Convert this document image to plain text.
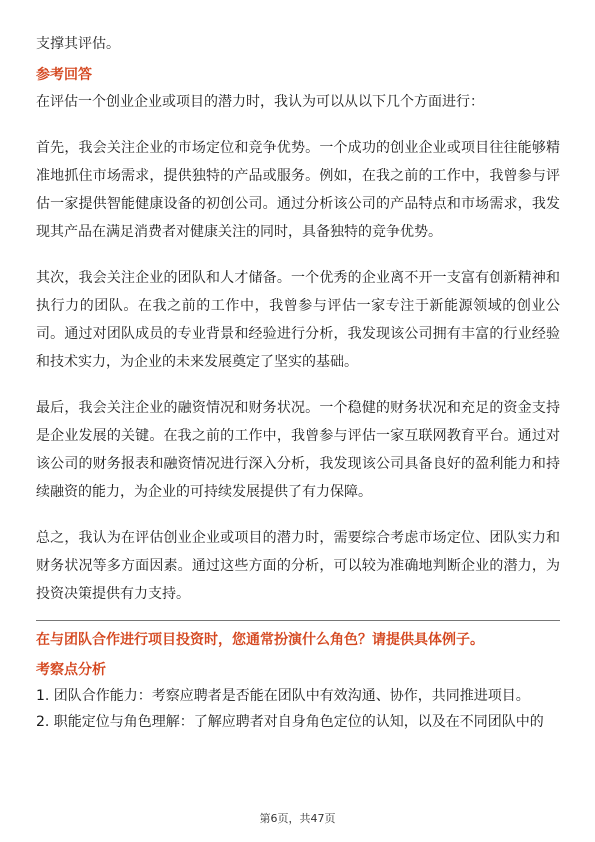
支撑其评估。

参考回答

在评估一个创业企业或项目的潜力时，我认为可以从以下几个方面进行：

首先，我会关注企业的市场定位和竞争优势。一个成功的创业企业或项目往往能够精准地抓住市场需求，提供独特的产品或服务。例如，在我之前的工作中，我曾参与评估一家提供智能健康设备的初创公司。通过分析该公司的产品特点和市场需求，我发现其产品在满足消费者对健康关注的同时，具备独特的竞争优势。

其次，我会关注企业的团队和人才储备。一个优秀的企业离不开一支富有创新精神和执行力的团队。在我之前的工作中，我曾参与评估一家专注于新能源领域的创业公司。通过对团队成员的专业背景和经验进行分析，我发现该公司拥有丰富的行业经验和技术实力，为企业的未来发展奠定了坚实的基础。

最后，我会关注企业的融资情况和财务状况。一个稳健的财务状况和充足的资金支持是企业发展的关键。在我之前的工作中，我曾参与评估一家互联网教育平台。通过对该公司的财务报表和融资情况进行深入分析，我发现该公司具备良好的盈利能力和持续融资的能力，为企业的可持续发展提供了有力保障。

总之，我认为在评估创业企业或项目的潜力时，需要综合考虑市场定位、团队实力和财务状况等多方面因素。通过这些方面的分析，可以较为准确地判断企业的潜力，为投资决策提供有力支持。

在与团队合作进行项目投资时，您通常扮演什么角色？请提供具体例子。
考察点分析

1. 团队合作能力：考察应聘者是否能在团队中有效沟通、协作，共同推进项目。

2. 职能定位与角色理解：了解应聘者对自身角色定位的认知，以及在不同团队中的

第6页，共47页
